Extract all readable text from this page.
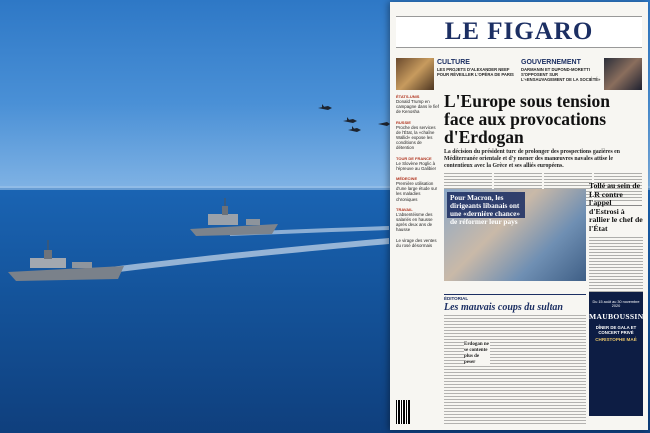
LE FIGARO
CULTURE
LES PROJETS D'ALEXANDER NEEF POUR RÉVEILLER L'OPÉRA DE PARIS
GOUVERNEMENT
DARMANIN ET DUPOND-MORETTI S'OPPOSENT SUR L'«ENSAUVAGEMENT DE LA SOCIÉTÉ»
ÉTATS-UNIS
Donald Trump en campagne dans le fief de Kenosha
RUSSIE
Proche des services de l'État, la «chaîne Wallid» expose les conditions de détention
TOUR DE FRANCE
Le Slovène Roglic à l'épreuve au Galibier
MÉDECINE
Première utilisation d'une large étude sur les maladies chroniques
TRAVAIL
L'absentéisme des salariés en hausse après deux ans de hausse
Le virage des ventes du rosé désormais
L'Europe sous tension face aux provocations d'Erdogan
La décision du président turc de prolonger des prospections gazières en Méditerranée orientale et d'y mener des manœuvres navales attise le contentieux avec la Grèce et ses alliés européens.
Pour Macron, les dirigeants libanais ont une «dernière chance» de réformer leur pays
Tollé au sein de LR contre l'appel d'Estrosi à rallier le chef de l'État
ÉDITORIAL
Les mauvais coups du sultan
Erdogan ne se contente plus de peser
Du 15 août au 30 novembre 2020
MAUBOUSSIN
DÎNER DE GALA ET CONCERT PRIVÉ
CHRISTOPHE MAÉ
